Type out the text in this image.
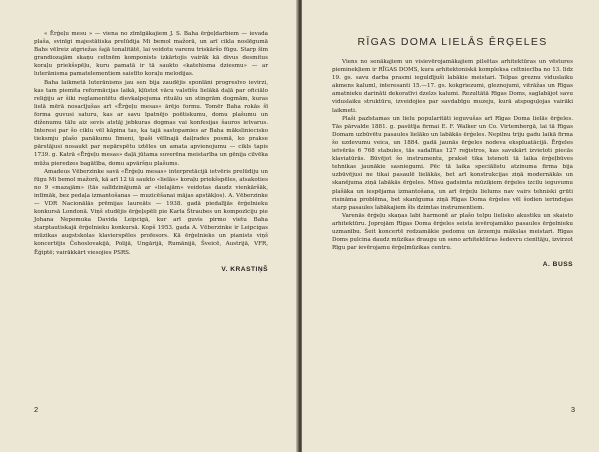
« Ērģeļu mesu » — viena no zīmīgākajiem J. S. Baha ērģeļdarbiem — ievada plaša, svinīgi majestātiska prelūdija Mi bemol mažorā, un arī cikla noslēgumā Bahs vēlreiz atgriežas šajā tonalitātē, lai veidotu varenu triskāršo fūgu. Starp šīm grandiozajām skaņu celtnēm komponists izkārtojis vairāk kā divus desmitus koraļu priekšspēļu, kuru pamatā ir tā saukto «katehisma dziesmu» — ar luterānisma pamatelementiem saistīto koraļu melodijas.

Baha laikmetā luterānisms jau sen bija zaudējis sponlāni progresīvo ievirzi, kas tam piemita reformācijas laikā, kļūstot vācu valstīšu lielākā daļā par oficiālo reliģiju ar šiki reglamentētu dievkalpojuma rituālu un stingrām dogmām, kuras lielā mērā nosacījušas arī «Ērģeļu mesas» ārējo formu. Tomēr Baha rokās šī forma guvusi saturu, kas ar savu īpatnējo poētiskumu, domu plašumu un diženumu tālu aiz sevis atstāj jebkuras dogmas vai konfesijas šauros ietvarus. Interesi par šo ciklu vēl kāpina tas, ka tajā sastopamies ar Baha māksliniecisko tieksmju plašo panākumu līmeni, īpaši vēlīnajā daiļrades posmā, ko prakse pārstājusi nosaukt par nepārspētu iztēles un amata apvienojumu — cikls tapis 1739. g. Katrā «Ērģeļu mesas» daļā jūtama suverēna meistarība un gēnija cilvēka mūža pieredzes bagātība, domu apvāršņu plašums.

Amadeus Vēberzinke savā «Ērģeļu mesas» interpretācijā ietvēris prelūdiju un fūgu Mi bemol mažorā, kā arī 12 tā saukto «lielās» koraļu priekšspēles, atsakoties no 9 «mazajām» (tās salīdzinājumā ar «lielajām» veidotas daudz vienkāršāk, intīmāk, bez pedaļa izmantošanas — muzicēšanai mājas apstākļos). A. Vēberzinke — VDR Nacionālās prēmijas laureāts — 1938. gadā piedalījās ērģelnieku konkursā Londonā. Viņš studējis ērģeļspēli pie Karla Štraubes un kompozīciju pie Johana Nepomuka Davida Leipcigā, kur arī guvis pirmo vietu Baha starptautiskajā ērģelnieku konkursā. Kopš 1953. gada A. Vēberzinke ir Leipcigas mūzikas augstskolas klavierspēles profesors. Kā ērģelnieks un pianists viņš koncertējis Čehoslovakijā, Polijā, Ungārijā, Rumānijā, Šveicē, Austrijā, VFR, Ēģiptē; vairākkārt viesojies PSRS.

V. KRASTIŅŠ
2
RĪGAS DOMA LIELĀS ĒRĢELES

Viens no senākajiem un visievērojamākajiem pilsētas arhitektūras un vēstures pieminekļiem ir RĪGAS DOMS, kura arhitektoniskā kompleksa celtniecība no 13. līdz 19. gs. savu darba prasmi ieguldījuši labākie meistari. Telpas greznu viduslaiku akmens kaluml, interesanti 15.—17. gs. kokgriezumi, gleznojumi, vitrāžas un Rīgas amatnieku darināti dekoratīvi dzelzs kalumi. Rezultātā Rīgas Doms, saglabājot savu viduslaiku struktūru, izveidojies par savdabīgu muzeju, kurā atspoguļojas vairāki laikmeti.

Plaši pazīstamas un lielu popularitāti ieguvušas arī Rīgas Doma lielās ērģeles. Tās pārvalde 1881. g. pasūtīja firmai E. F. Walker un Co. Virtembergā, lai tā Rīgas Domam uzbūvētu pasaules lielāko un labākās ērģeles. Nepilnu triju gadu laikā firma šo uzdevumu veica, un 1884. gadā jaunās ērģeles nodeva ekspluatācijā. Ērģeles ietvērās 6 768 stabules, tās sadalītas 127 reģistros, kas savukārt izvietoti piecās klaviatūrās. Būvējot šo instrumentu, praksē tika īstenoti tā laika ērģeļbūves tehnikas jaunākie sasniegumi. Pēc tā laika speciālistu atzinuma firma bija uzbūvējusi ne tikai pasaulē lielākās, bet arī konstrukcijas ziņā modernākās un skanējuma ziņā labākās ērģeles. Mūsu gadsimta mūziķiem ērģeles izcilu ieguvumu plašāka un iespējama izmantošana, un arī ērģeļu lielums nav vairs tehniski grūti risināma problēma, bet skanīguma ziņā Rīgas Doma ērģeles vēl šodien ierindojas starp pasaules labākajiem šīs dzimtas instrumentiem.

Varenās ērģeļu skaņas labi harmonē ar plašo telpu lielisko akustiku un skaisto arhitektūru. Joprojām Rīgas Doma ērģeles seista ievērojamāko pasaules ērģelnieku uzmanību. Šeit koncertē redzamākie pedomu un ārzemju mākslas meistari. Rīgas Doms pulcina daudz mūzikas draugu un seno arhitektūras šedevru cienītāju, izvirzot Rīgu par ievērojamu ērģeļmūzikas centru.

A. BUSS
3
